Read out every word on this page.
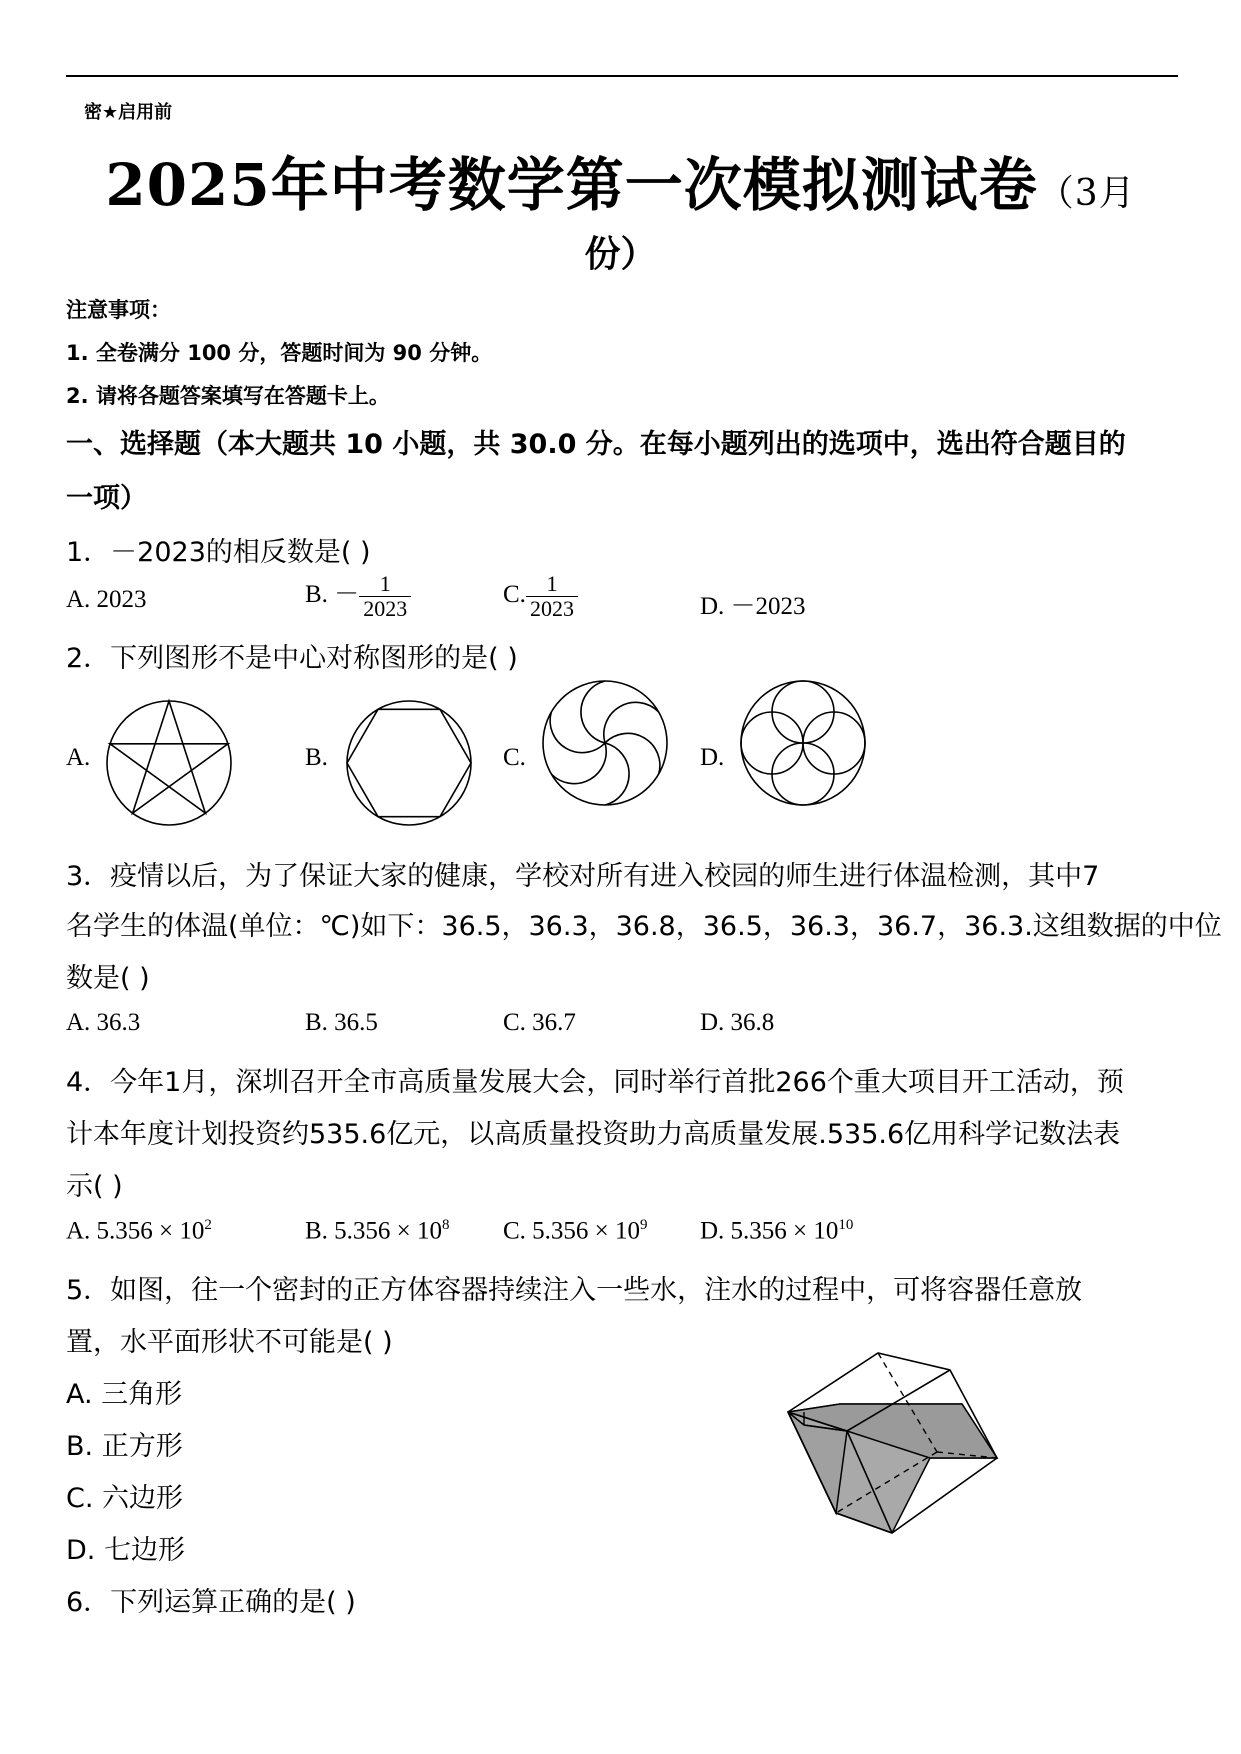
密★启用前
2025年中考数学第一次模拟测试卷（3月
份）
注意事项：
1. 全卷满分 100 分，答题时间为 90 分钟。
2. 请将各题答案填写在答题卡上。
一、选择题（本大题共 10 小题，共 30.0 分。在每小题列出的选项中，选出符合题目的
一项）
1．－2023的相反数是( )
A. 2023	B. － $\frac{1}{2023}$	C. $\frac{1}{2023}$	D. －2023
2．下列图形不是中心对称图形的是( )
A.	B.	C.	D.
3．疫情以后，为了保证大家的健康，学校对所有进入校园的师生进行体温检测，其中7
名学生的体温(单位：℃)如下：36.5，36.3，36.8，36.5，36.3，36.7，36.3.这组数据的中位
数是( )
A. 36.3	B. 36.5	C. 36.7	D. 36.8
4．今年1月，深圳召开全市高质量发展大会，同时举行首批266个重大项目开工活动，预
计本年度计划投资约535.6亿元，以高质量投资助力高质量发展.535.6亿用科学记数法表
示( )
A. $5.356 \times 10^2$	B. $5.356 \times 10^8$ C. $5.356 \times 10^9$ D. $5.356 \times 10^{10}$
5．如图，往一个密封的正方体容器持续注入一些水，注水的过程中，可将容器任意放
置，水平面形状不可能是( )
A. 三角形
B. 正方形
C. 六边形
D. 七边形
6．下列运算正确的是( )
